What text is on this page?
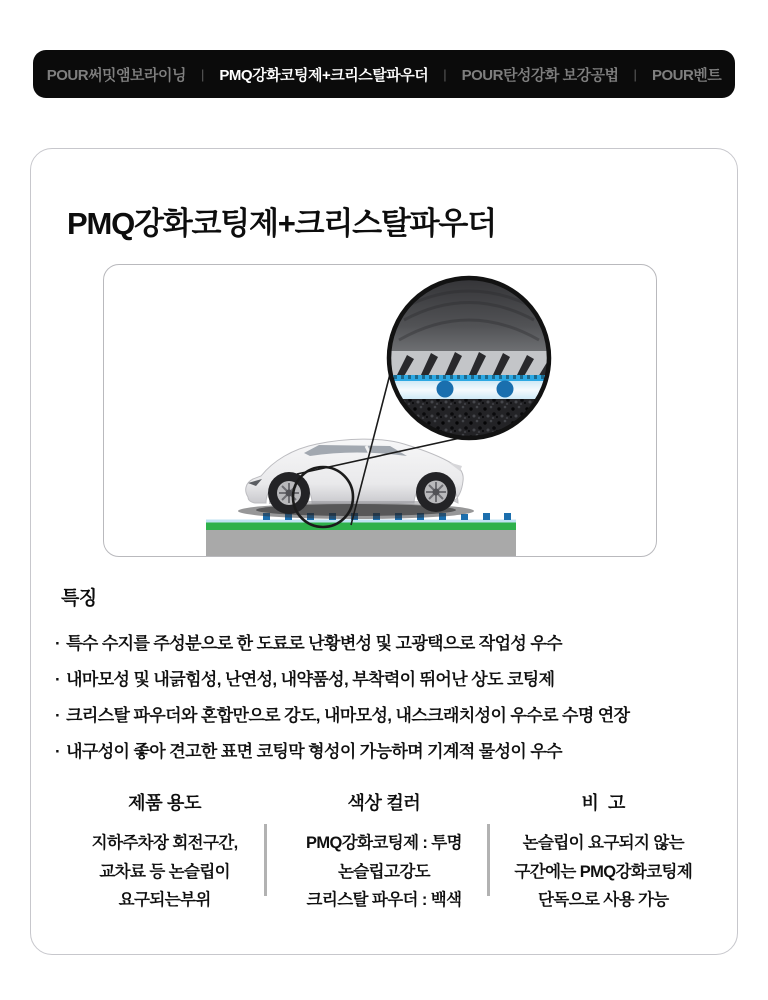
POUR써밋앰보라이닝 | PMQ강화코팅제+크리스탈파우더 | POUR탄성강화 보강공법 | POUR벤트
PMQ강화코팅제+크리스탈파우더
특징
· 특수 수지를 주성분으로 한 도료로 난황변성 및 고광택으로 작업성 우수
· 내마모성 및 내긁힘성, 난연성, 내약품성, 부착력이 뛰어난 상도 코팅제
· 크리스탈 파우더와 혼합만으로 강도, 내마모성, 내스크래치성이 우수로 수명 연장
· 내구성이 좋아 견고한 표면 코팅막 형성이 가능하며 기계적 물성이 우수
제품 용도
지하주차장 회전구간,
교차료 등 논슬립이
요구되는부위
색상 컬러
PMQ강화코팅제 : 투명
논슬립고강도
크리스탈 파우더 : 백색
비  고
논슬립이 요구되지 않는
구간에는 PMQ강화코팅제
단독으로 사용 가능
